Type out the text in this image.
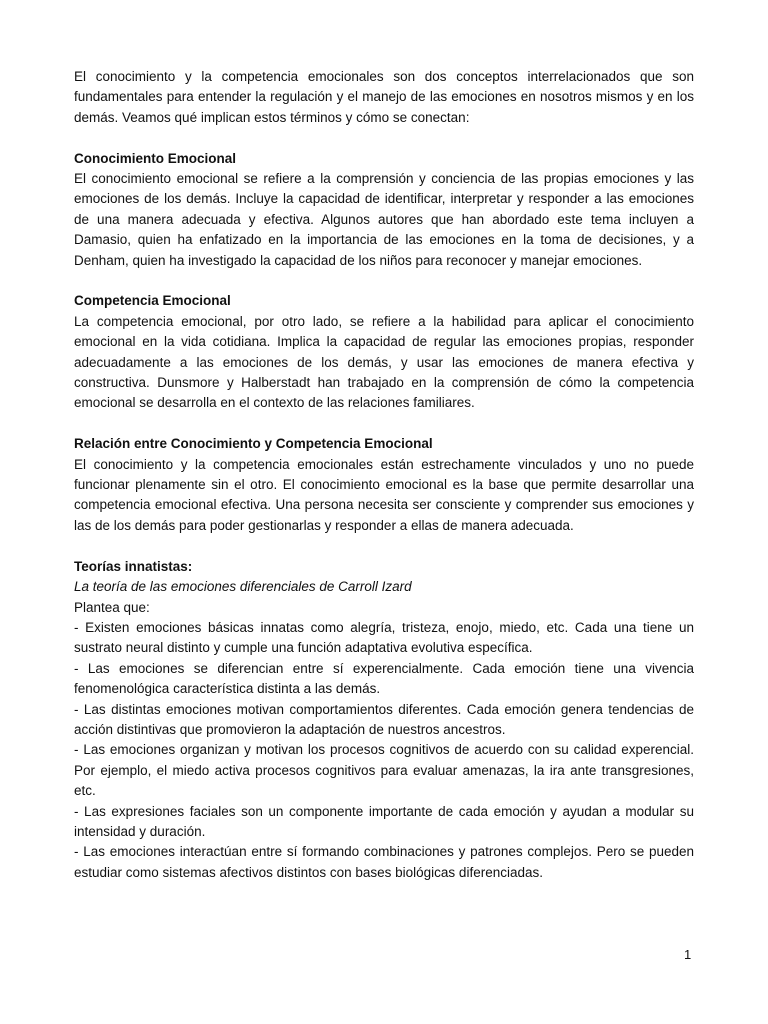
El conocimiento y la competencia emocionales son dos conceptos interrelacionados que son fundamentales para entender la regulación y el manejo de las emociones en nosotros mismos y en los demás. Veamos qué implican estos términos y cómo se conectan:

Conocimiento Emocional

El conocimiento emocional se refiere a la comprensión y conciencia de las propias emociones y las emociones de los demás. Incluye la capacidad de identificar, interpretar y responder a las emociones de una manera adecuada y efectiva. Algunos autores que han abordado este tema incluyen a Damasio, quien ha enfatizado en la importancia de las emociones en la toma de decisiones, y a Denham, quien ha investigado la capacidad de los niños para reconocer y manejar emociones.

Competencia Emocional

La competencia emocional, por otro lado, se refiere a la habilidad para aplicar el conocimiento emocional en la vida cotidiana. Implica la capacidad de regular las emociones propias, responder adecuadamente a las emociones de los demás, y usar las emociones de manera efectiva y constructiva. Dunsmore y Halberstadt han trabajado en la comprensión de cómo la competencia emocional se desarrolla en el contexto de las relaciones familiares.

Relación entre Conocimiento y Competencia Emocional

El conocimiento y la competencia emocionales están estrechamente vinculados y uno no puede funcionar plenamente sin el otro. El conocimiento emocional es la base que permite desarrollar una competencia emocional efectiva. Una persona necesita ser consciente y comprender sus emociones y las de los demás para poder gestionarlas y responder a ellas de manera adecuada.

Teorías innatistas:
La teoría de las emociones diferenciales de Carroll Izard

Plantea que:

- Existen emociones básicas innatas como alegría, tristeza, enojo, miedo, etc. Cada una tiene un sustrato neural distinto y cumple una función adaptativa evolutiva específica.

- Las emociones se diferencian entre sí experencialmente. Cada emoción tiene una vivencia fenomenológica característica distinta a las demás.

- Las distintas emociones motivan comportamientos diferentes. Cada emoción genera tendencias de acción distintivas que promovieron la adaptación de nuestros ancestros.

- Las emociones organizan y motivan los procesos cognitivos de acuerdo con su calidad experencial. Por ejemplo, el miedo activa procesos cognitivos para evaluar amenazas, la ira ante transgresiones, etc.

- Las expresiones faciales son un componente importante de cada emoción y ayudan a modular su intensidad y duración.

- Las emociones interactúan entre sí formando combinaciones y patrones complejos. Pero se pueden estudiar como sistemas afectivos distintos con bases biológicas diferenciadas.

1
